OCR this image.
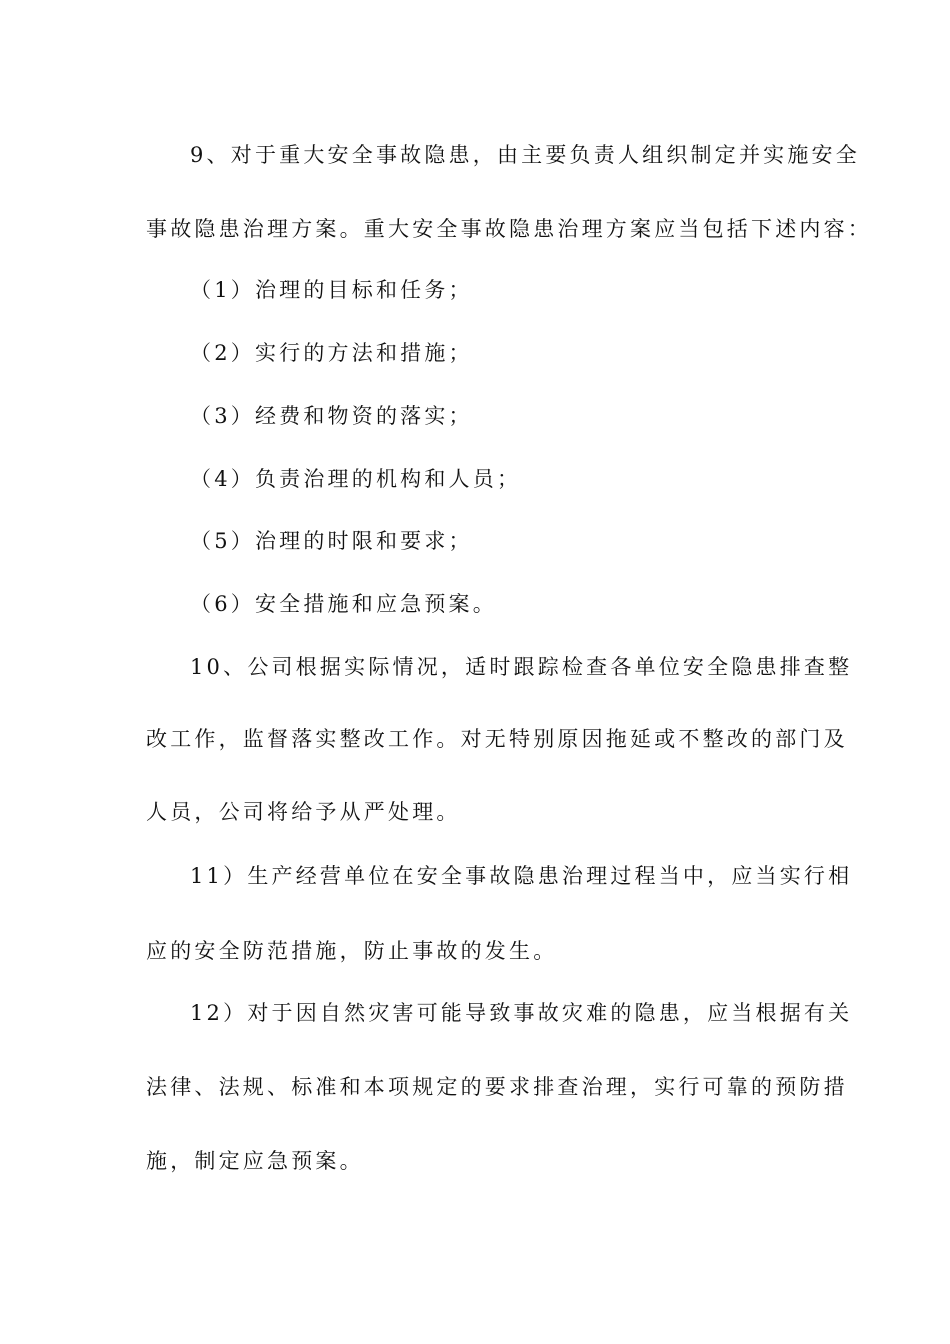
9、对于重大安全事故隐患，由主要负责人组织制定并实施安全
事故隐患治理方案。重大安全事故隐患治理方案应当包括下述内容：
（1）治理的目标和任务；
（2）实行的方法和措施；
（3）经费和物资的落实；
（4）负责治理的机构和人员；
（5）治理的时限和要求；
（6）安全措施和应急预案。
10、公司根据实际情况，适时跟踪检查各单位安全隐患排查整
改工作，监督落实整改工作。对无特别原因拖延或不整改的部门及
人员，公司将给予从严处理。
11）生产经营单位在安全事故隐患治理过程当中，应当实行相
应的安全防范措施，防止事故的发生。
12）对于因自然灾害可能导致事故灾难的隐患，应当根据有关
法律、法规、标准和本项规定的要求排查治理，实行可靠的预防措
施，制定应急预案。
